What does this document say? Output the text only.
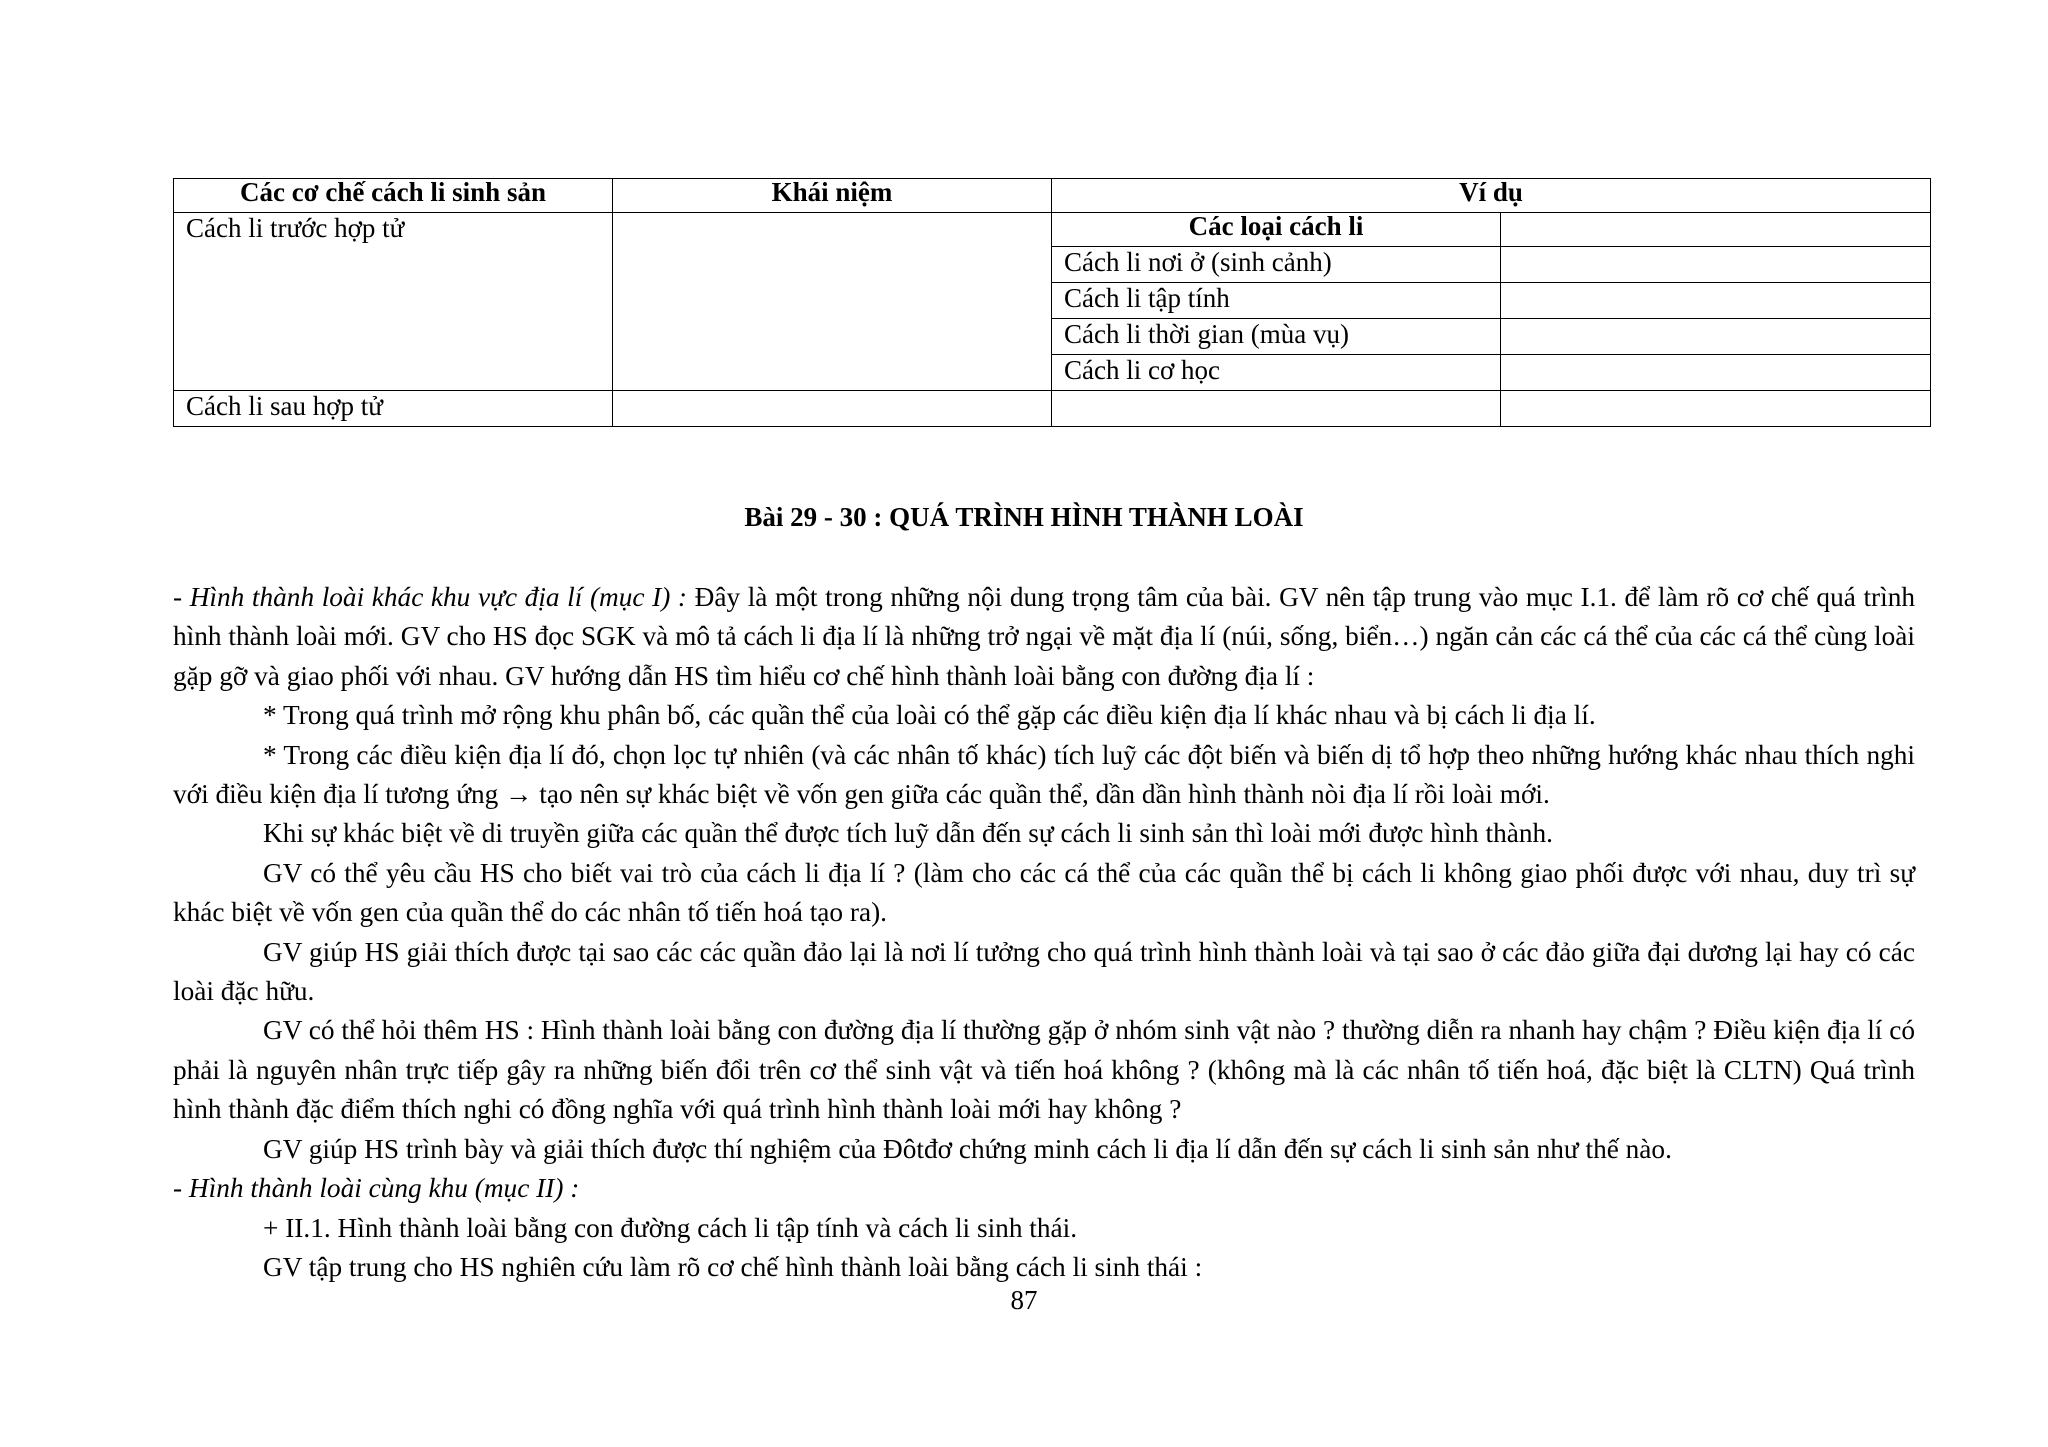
Các cơ chế cách li sinh sản	Khái niệm	Ví dụ	
Cách li trước hợp tử		Các loại cách li	
		Cách li nơi ở (sinh cảnh)	
		Cách li tập tính	
		Cách li thời gian (mùa vụ)	
		Cách li cơ học	
Cách li sau hợp tử			
Bài 29 - 30 : QUÁ TRÌNH HÌNH THÀNH LOÀI

- Hình thành loài khác khu vực địa lí (mục I) : Đây là một trong những nội dung trọng tâm của bài. GV nên tập trung vào mục I.1. để làm rõ cơ chế quá trình hình thành loài mới. GV cho HS đọc SGK và mô tả cách li địa lí là những trở ngại về mặt địa lí (núi, sống, biển…) ngăn cản các cá thể của các cá thể cùng loài gặp gỡ và giao phối với nhau. GV hướng dẫn HS tìm hiểu cơ chế hình thành loài bằng con đường địa lí :

* Trong quá trình mở rộng khu phân bố, các quần thể của loài có thể gặp các điều kiện địa lí khác nhau và bị cách li địa lí.

* Trong các điều kiện địa lí đó, chọn lọc tự nhiên (và các nhân tố khác) tích luỹ các đột biến và biến dị tổ hợp theo những hướng khác nhau thích nghi với điều kiện địa lí tương ứng → tạo nên sự khác biệt về vốn gen giữa các quần thể, dần dần hình thành nòi địa lí rồi loài mới.

Khi sự khác biệt về di truyền giữa các quần thể được tích luỹ dẫn đến sự cách li sinh sản thì loài mới được hình thành.

GV có thể yêu cầu HS cho biết vai trò của cách li địa lí ? (làm cho các cá thể của các quần thể bị cách li không giao phối được với nhau, duy trì sự khác biệt về vốn gen của quần thể do các nhân tố tiến hoá tạo ra).

GV giúp HS giải thích được tại sao các các quần đảo lại là nơi lí tưởng cho quá trình hình thành loài và tại sao ở các đảo giữa đại dương lại hay có các loài đặc hữu.

GV có thể hỏi thêm HS : Hình thành loài bằng con đường địa lí thường gặp ở nhóm sinh vật nào ? thường diễn ra nhanh hay chậm ? Điều kiện địa lí có phải là nguyên nhân trực tiếp gây ra những biến đổi trên cơ thể sinh vật và tiến hoá không ? (không mà là các nhân tố tiến hoá, đặc biệt là CLTN) Quá trình hình thành đặc điểm thích nghi có đồng nghĩa với quá trình hình thành loài mới hay không ?

GV giúp HS trình bày và giải thích được thí nghiệm của Đôtđơ chứng minh cách li địa lí dẫn đến sự cách li sinh sản như thế nào.

- Hình thành loài cùng khu (mục II) :

+ II.1. Hình thành loài bằng con đường cách li tập tính và cách li sinh thái.

GV tập trung cho HS nghiên cứu làm rõ cơ chế hình thành loài bằng cách li sinh thái :

87
